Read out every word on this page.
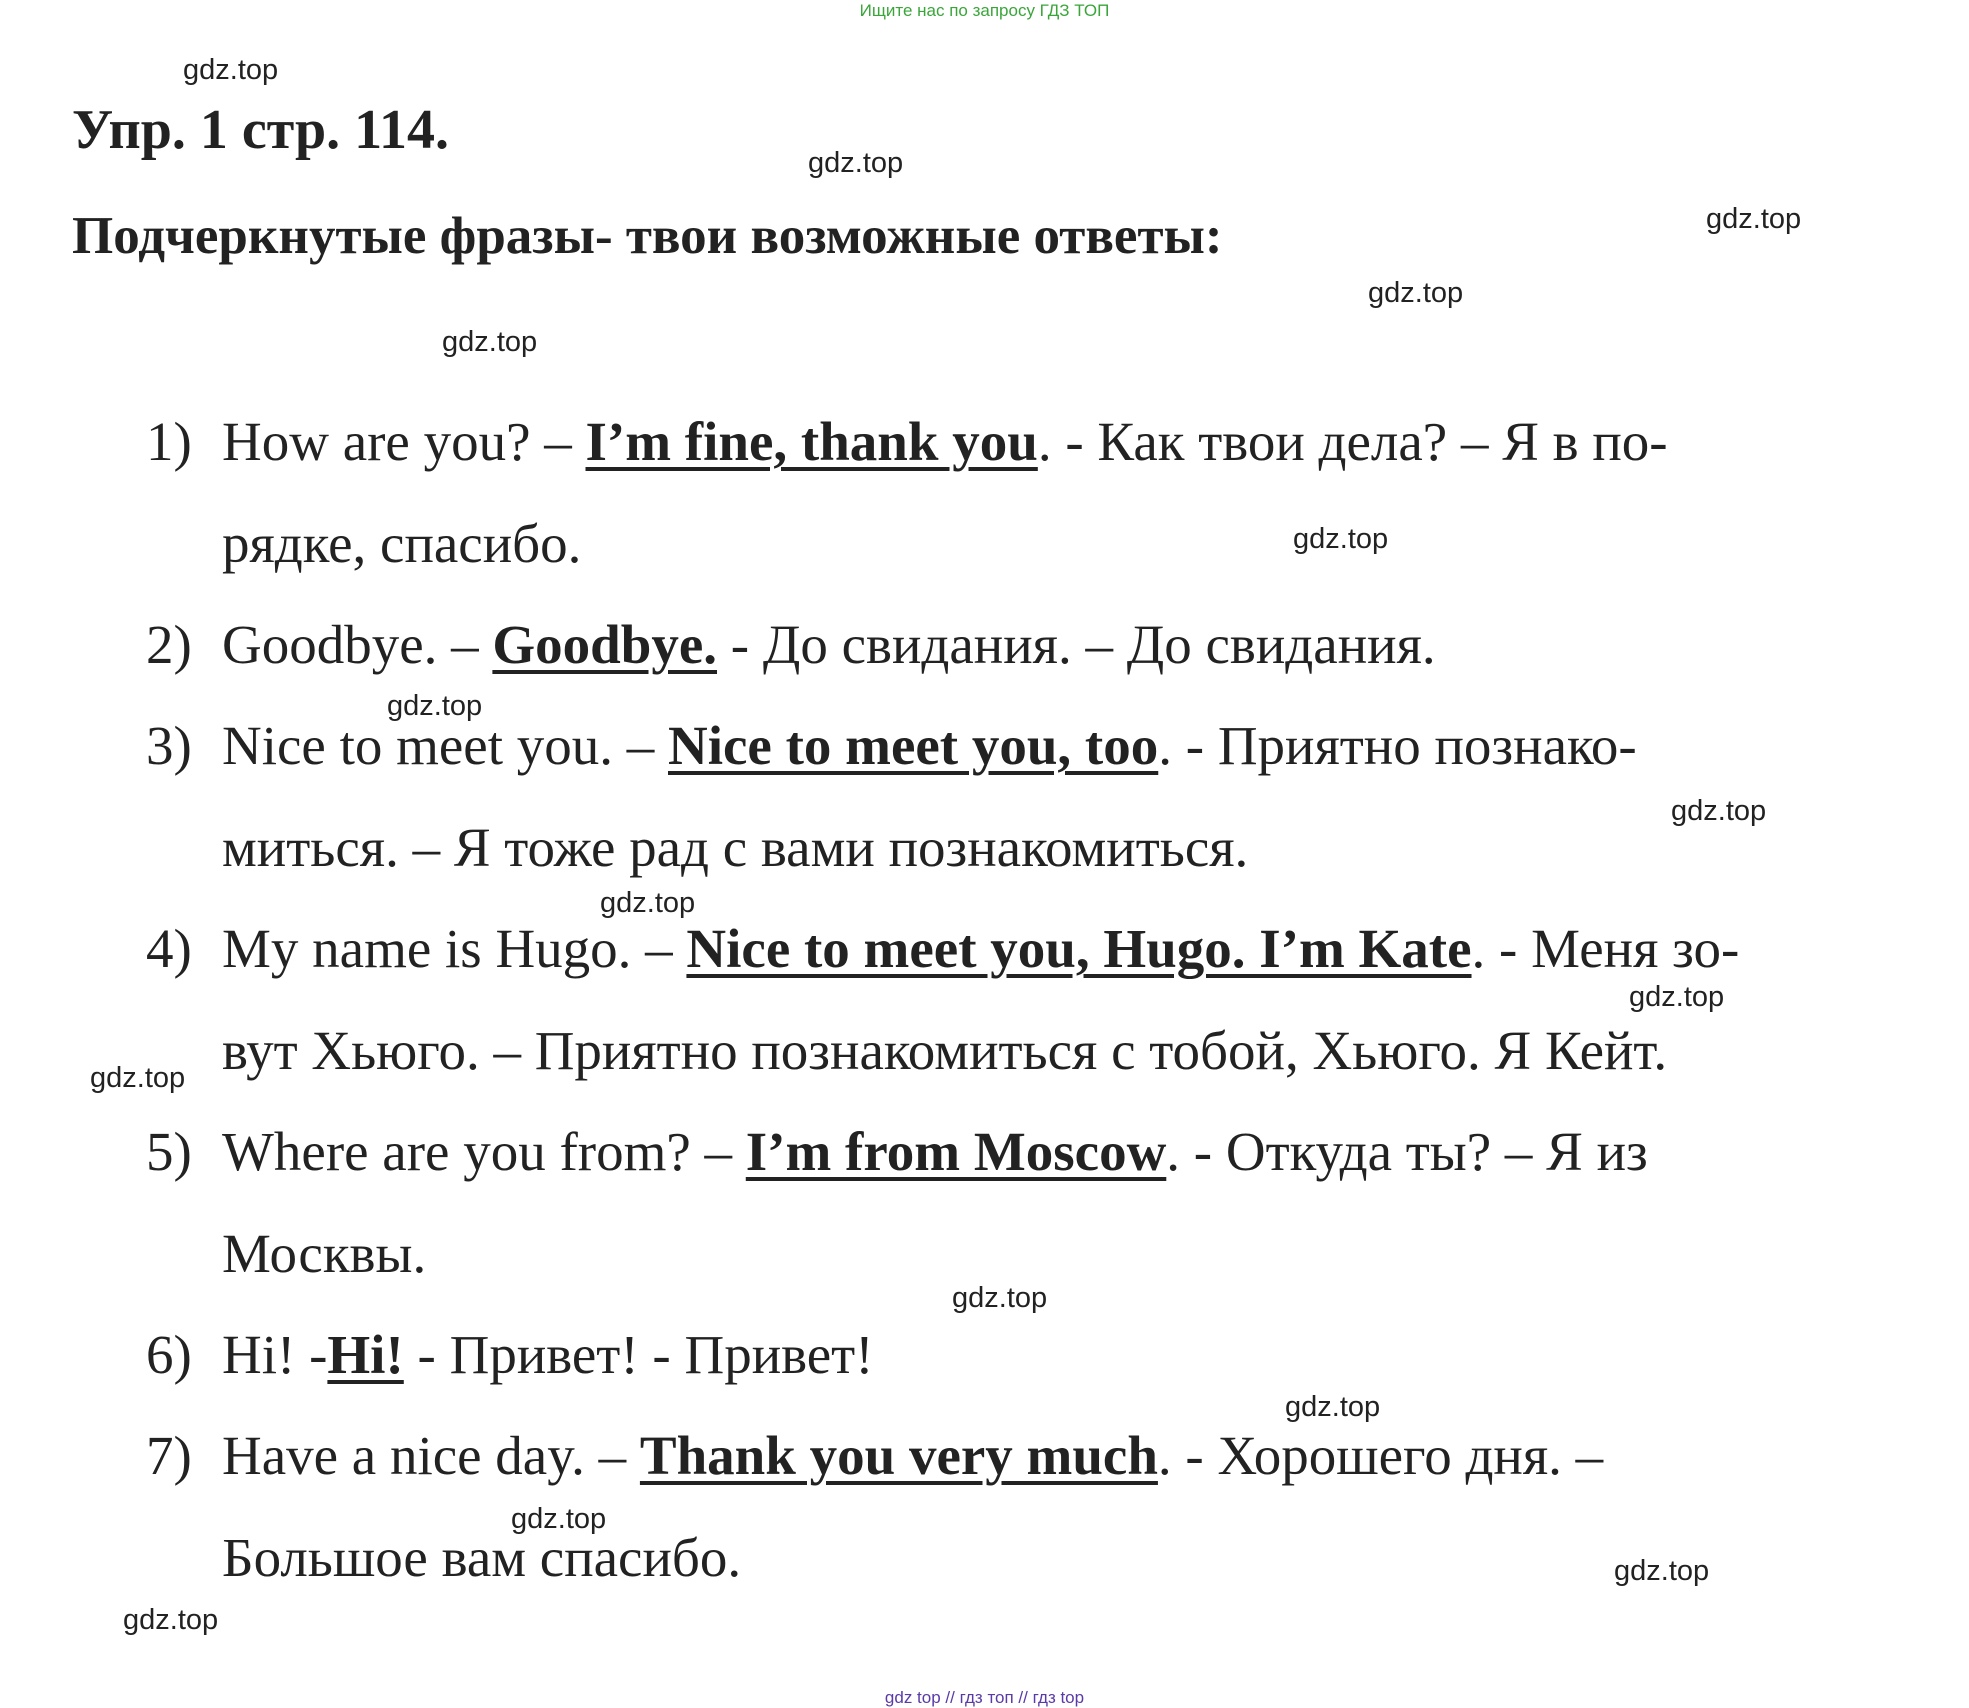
Ищите нас по запросу ГДЗ ТОП
Упр. 1 стр. 114.
Подчеркнутые фразы- твои возможные ответы:
gdz.top
gdz.top
gdz.top
gdz.top
gdz.top
gdz.top
gdz.top
gdz.top
gdz.top
gdz.top
gdz.top
gdz.top
gdz.top
gdz.top
gdz.top
gdz.top
1) How are you? – I’m fine, thank you. - Как твои дела? – Я в по-
рядке, спасибо.
2) Goodbye. – Goodbye. - До свидания. – До свидания.
3) Nice to meet you. – Nice to meet you, too. - Приятно познако-
миться. – Я тоже рад с вами познакомиться.
4) My name is Hugo. – Nice to meet you, Hugo. I’m Kate. - Меня зо-
вут Хьюго. – Приятно познакомиться с тобой, Хьюго. Я Кейт.
5) Where are you from? – I’m from Moscow. - Откуда ты? – Я из
Москвы.
6) Hi! -Hi! - Привет! - Привет!
7) Have a nice day. – Thank you very much. - Хорошего дня. –
Большое вам спасибо.
gdz top // гдз топ // гдз top
